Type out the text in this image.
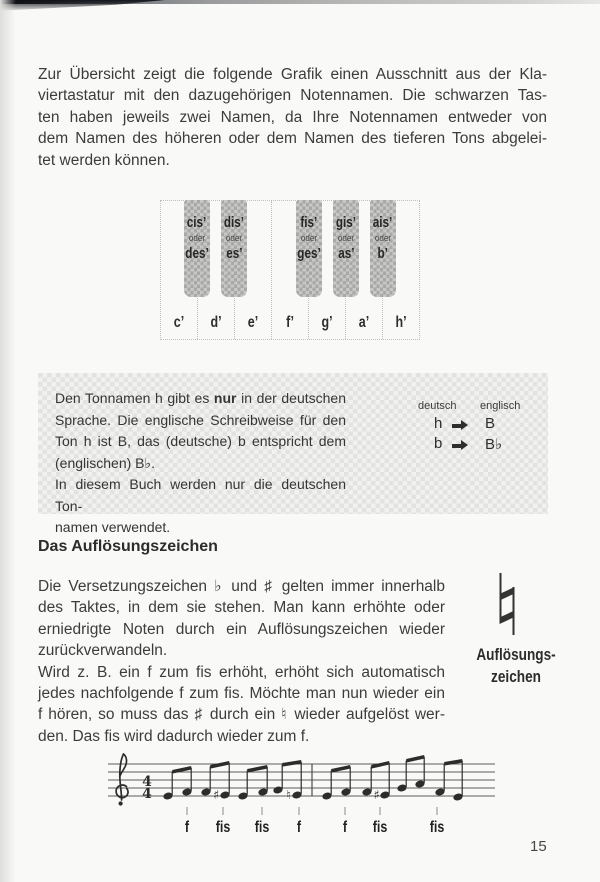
Zur Übersicht zeigt die folgende Grafik einen Ausschnitt aus der Kla-
viertastatur mit den dazugehörigen Notennamen. Die schwarzen Tas-
ten haben jeweils zwei Namen, da Ihre Notennamen entweder von
dem Namen des höheren oder dem Namen des tieferen Tons abgelei-
tet werden können.
c’	d’	e’	f’	g’	a’	h’
cis’
oder
des’
dis’
oder
es’
fis’
oder
ges’
gis’
oder
as’
ais’
oder
b’
Den Tonnamen h gibt es nur in der deutschen
Sprache. Die englische Schreibweise für den
Ton h ist B, das (deutsche) b entspricht dem
(englischen) B♭.
In diesem Buch werden nur die deutschen Ton-
namen verwendet.
deutsch englisch
h	B
b	B♭
Das Auflösungszeichen
Die Versetzungszeichen ♭ und ♯ gelten immer innerhalb
des Taktes, in dem sie stehen. Man kann erhöhte oder
erniedrigte Noten durch ein Auflösungszeichen wieder
zurückverwandeln.
Wird z. B. ein f zum fis erhöht, erhöht sich automatisch
jedes nachfolgende f zum fis. Möchte man nun wieder ein
f hören, so muss das ♯ durch ein ♮ wieder aufgelöst wer-
den. Das fis wird dadurch wieder zum f.
Auflösungs-
zeichen
4
4	♯	♮	♯
f fis fis f	f fis	fis
15
